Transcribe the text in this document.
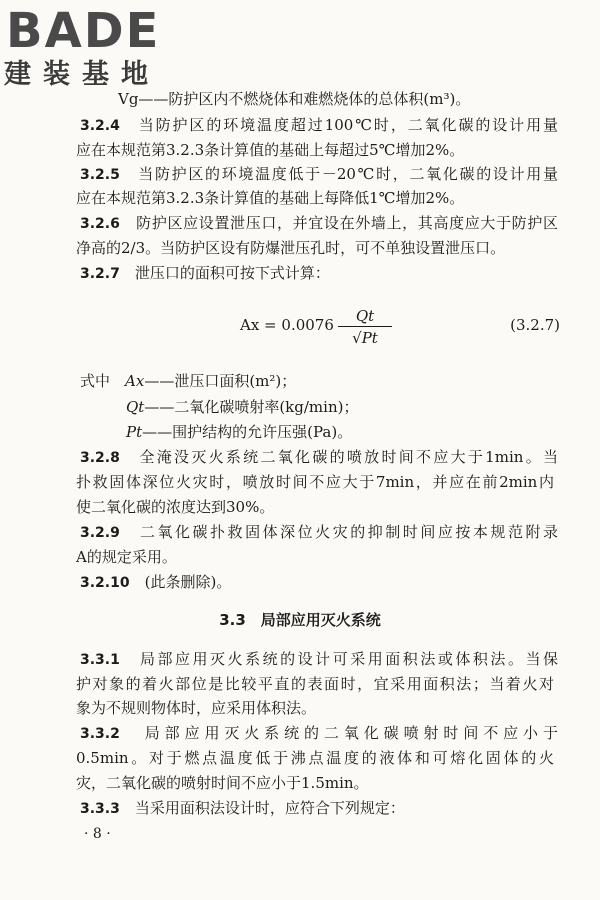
BADE
建装基地
Vg——防护区内不燃烧体和难燃烧体的总体积(m³)。
3.2.4　 当防护区的环境温度超过100℃时，二氧化碳的设计用量
应在本规范第3.2.3条计算值的基础上每超过5℃增加2%。
3.2.5　 当防护区的环境温度低于－20℃时，二氧化碳的设计用量
应在本规范第3.2.3条计算值的基础上每降低1℃增加2%。
3.2.6　 防护区应设置泄压口，并宜设在外墙上，其高度应大于防护区
净高的2/3。当防护区设有防爆泄压孔时，可不单独设置泄压口。
3.2.7　 泄压口的面积可按下式计算：
Ax = 0.0076	Qt
√Pt
(3.2.7)
式中　 Ax——泄压口面积(m²)；
Qt——二氧化碳喷射率(kg/min)；
Pt——围护结构的允许压强(Pa)。
3.2.8　 全淹没灭火系统二氧化碳的喷放时间不应大于1min。当
扑救固体深位火灾时，喷放时间不应大于7min，并应在前2min内
使二氧化碳的浓度达到30%。
3.2.9　 二氧化碳扑救固体深位火灾的抑制时间应按本规范附录
A的规定采用。
3.2.10　 (此条删除)。
3.3　局部应用灭火系统
3.3.1　 局部应用灭火系统的设计可采用面积法或体积法。当保
护对象的着火部位是比较平直的表面时，宜采用面积法；当着火对
象为不规则物体时，应采用体积法。
3.3.2　 局部应用灭火系统的二氧化碳喷射时间不应小于
0.5min。对于燃点温度低于沸点温度的液体和可熔化固体的火
灾，二氧化碳的喷射时间不应小于1.5min。
3.3.3　 当采用面积法设计时，应符合下列规定：
· 8 ·
